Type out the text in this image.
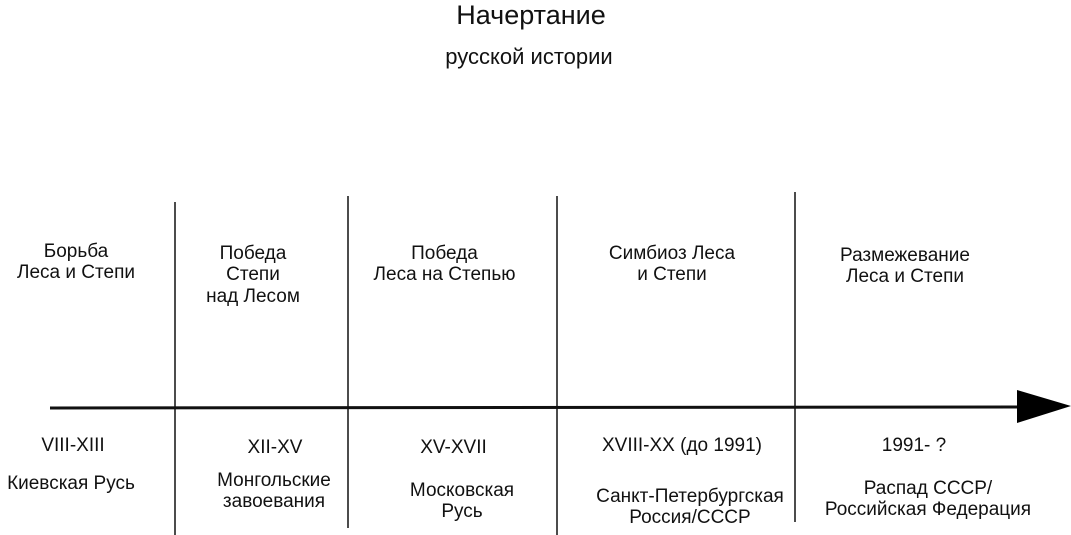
Начертание
русской истории
Борьба
Леса и Степи
VIII-XIII
Киевская Русь
Победа
Степи
над Лесом
XII-XV
Монгольские
завоевания
Победа
Леса на Степью
XV-XVII
Московская
Русь
Симбиоз Леса
и Степи
XVIII-XX (до 1991)
Санкт-Петербургская
Россия/СССР
Размежевание
Леса и Степи
1991- ?
Распад СССР/
Российская Федерация
